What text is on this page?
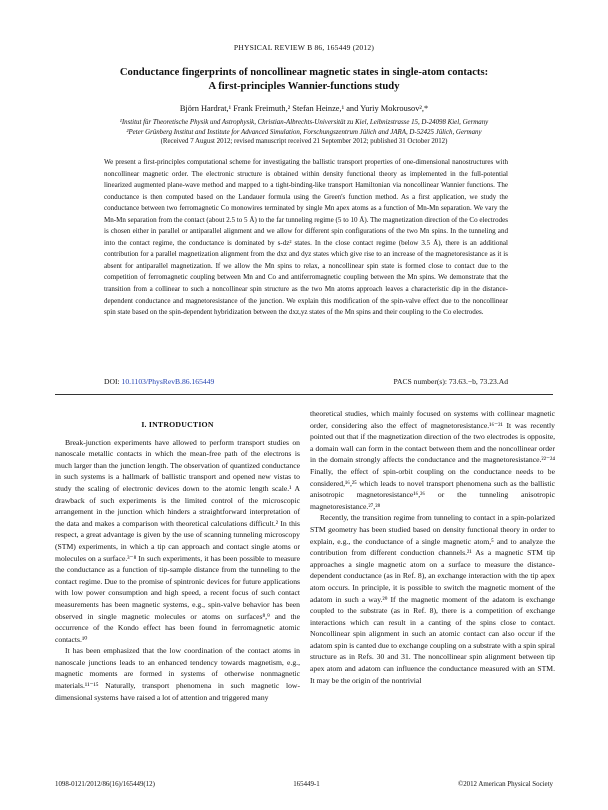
PHYSICAL REVIEW B 86, 165449 (2012)
Conductance fingerprints of noncollinear magnetic states in single-atom contacts:
A first-principles Wannier-functions study
Björn Hardrat,¹ Frank Freimuth,² Stefan Heinze,¹ and Yuriy Mokrousov²,*
¹Institut für Theoretische Physik und Astrophysik, Christian-Albrechts-Universität zu Kiel, Leibnizstrasse 15, D-24098 Kiel, Germany
²Peter Grünberg Institut and Institute for Advanced Simulation, Forschungszentrum Jülich and JARA, D-52425 Jülich, Germany
(Received 7 August 2012; revised manuscript received 21 September 2012; published 31 October 2012)

We present a first-principles computational scheme for investigating the ballistic transport properties of one-dimensional nanostructures with noncollinear magnetic order. The electronic structure is obtained within density functional theory as implemented in the full-potential linearized augmented plane-wave method and mapped to a tight-binding-like transport Hamiltonian via noncollinear Wannier functions. The conductance is then computed based on the Landauer formula using the Green's function method. As a first application, we study the conductance between two ferromagnetic Co monowires terminated by single Mn apex atoms as a function of Mn-Mn separation. We vary the Mn-Mn separation from the contact (about 2.5 to 5 Å) to the far tunneling regime (5 to 10 Å). The magnetization direction of the Co electrodes is chosen either in parallel or antiparallel alignment and we allow for different spin configurations of the two Mn spins. In the tunneling and into the contact regime, the conductance is dominated by s-dz² states. In the close contact regime (below 3.5 Å), there is an additional contribution for a parallel magnetization alignment from the dxz and dyz states which give rise to an increase of the magnetoresistance as it is absent for antiparallel magnetization. If we allow the Mn spins to relax, a noncollinear spin state is formed close to contact due to the competition of ferromagnetic coupling between Mn and Co and antiferromagnetic coupling between the Mn spins. We demonstrate that the transition from a collinear to such a noncollinear spin structure as the two Mn atoms approach leaves a characteristic dip in the distance-dependent conductance and magnetoresistance of the junction. We explain this modification of the spin-valve effect due to the noncollinear spin state based on the spin-dependent hybridization between the dxz,yz states of the Mn spins and their coupling to the Co electrodes.

DOI: 10.1103/PhysRevB.86.165449	PACS number(s): 73.63.−b, 73.23.Ad
I. INTRODUCTION

Break-junction experiments have allowed to perform transport studies on nanoscale metallic contacts in which the mean-free path of the electrons is much larger than the junction length. The observation of quantized conductance in such systems is a hallmark of ballistic transport and opened new vistas to study the scaling of electronic devices down to the atomic length scale.¹ A drawback of such experiments is the limited control of the microscopic arrangement in the junction which hinders a straightforward interpretation of the data and makes a comparison with theoretical calculations difficult.² In this respect, a great advantage is given by the use of scanning tunneling microscopy (STM) experiments, in which a tip can approach and contact single atoms or molecules on a surface.³⁻⁸ In such experiments, it has been possible to measure the conductance as a function of tip-sample distance from the tunneling to the contact regime. Due to the promise of spintronic devices for future applications with low power consumption and high speed, a recent focus of such contact measurements has been magnetic systems, e.g., spin-valve behavior has been observed in single magnetic molecules or atoms on surfaces⁸,⁹ and the occurrence of the Kondo effect has been found in ferromagnetic atomic contacts.¹⁰

It has been emphasized that the low coordination of the contact atoms in nanoscale junctions leads to an enhanced tendency towards magnetism, e.g., magnetic moments are formed in systems of otherwise nonmagnetic materials.¹¹⁻¹⁵ Naturally, transport phenomena in such magnetic low-dimensional systems have raised a lot of attention and triggered many

theoretical studies, which mainly focused on systems with collinear magnetic order, considering also the effect of magnetoresistance.¹⁶⁻²¹ It was recently pointed out that if the magnetization direction of the two electrodes is opposite, a domain wall can form in the contact between them and the noncollinear order in the domain strongly affects the conductance and the magnetoresistance.²²⁻²⁴ Finally, the effect of spin-orbit coupling on the conductance needs to be considered,¹⁶,²⁵ which leads to novel transport phenomena such as the ballistic anisotropic magnetoresistance¹⁶,²⁶ or the tunneling anisotropic magnetoresistance.²⁷,²⁸

Recently, the transition regime from tunneling to contact in a spin-polarized STM geometry has been studied based on density functional theory in order to explain, e.g., the conductance of a single magnetic atom,⁵ and to analyze the contribution from different conduction channels.²¹ As a magnetic STM tip approaches a single magnetic atom on a surface to measure the distance-dependent conductance (as in Ref. 8), an exchange interaction with the tip apex atom occurs. In principle, it is possible to switch the magnetic moment of the adatom in such a way.²⁹ If the magnetic moment of the adatom is exchange coupled to the substrate (as in Ref. 8), there is a competition of exchange interactions which can result in a canting of the spins close to contact. Noncollinear spin alignment in such an atomic contact can also occur if the adatom spin is canted due to exchange coupling on a substrate with a spin spiral structure as in Refs. 30 and 31. The noncollinear spin alignment between tip apex atom and adatom can influence the conductance measured with an STM. It may be the origin of the nontrivial

1098-0121/2012/86(16)/165449(12)	165449-1	©2012 American Physical Society
